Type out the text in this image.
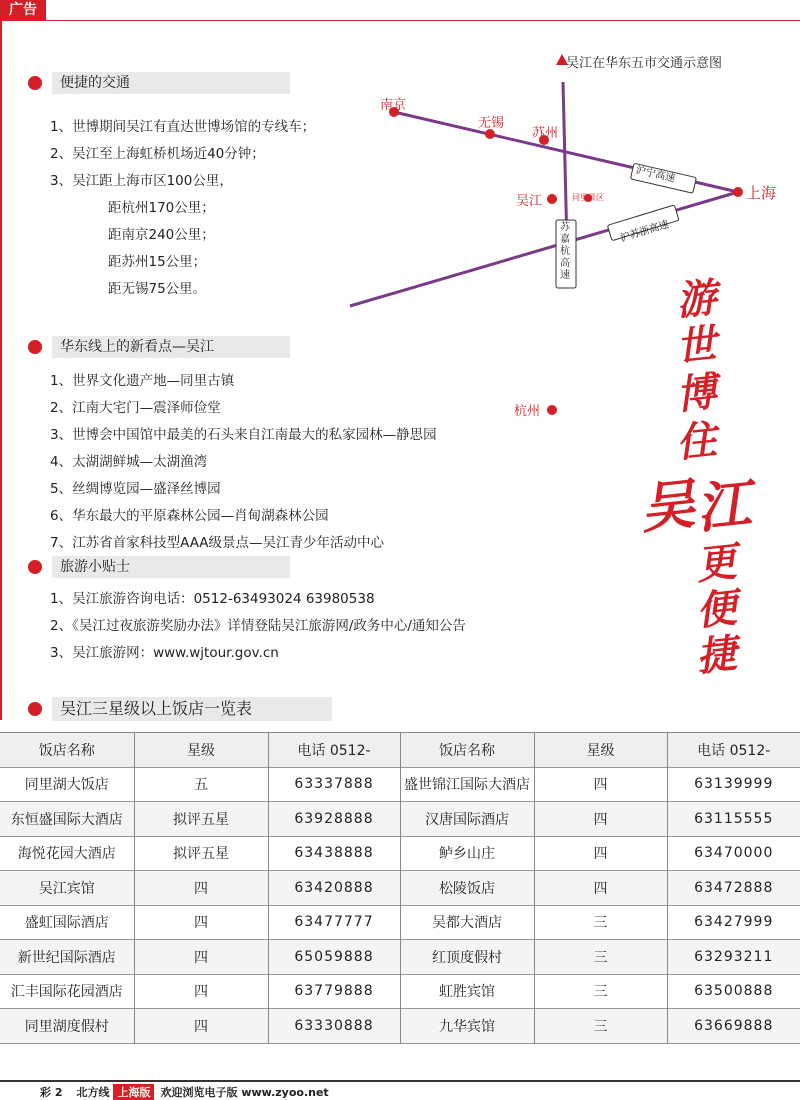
广告
便捷的交通
1、世博期间吴江有直达世博场馆的专线车；
2、吴江至上海虹桥机场近40分钟；
3、吴江距上海市区100公里，
距杭州170公里；
距南京240公里；
距苏州15公里；
距无锡75公里。
吴江在华东五市交通示意图
南京
无锡
苏州
上海
吴江	同里景区
杭州
沪宁高速
沪苏浙高速
苏嘉杭高速
华东线上的新看点—吴江
1、世界文化遗产地—同里古镇
2、江南大宅门—震泽师俭堂
3、世博会中国馆中最美的石头来自江南最大的私家园林—静思园
4、太湖湖鲜城—太湖渔湾
5、丝绸博览园—盛泽丝博园
6、华东最大的平原森林公园—肖甸湖森林公园
7、江苏省首家科技型AAA级景点—吴江青少年活动中心
旅游小贴士
1、吴江旅游咨询电话：0512-63493024 63980538
2、《吴江过夜旅游奖励办法》详情登陆吴江旅游网/政务中心/通知公告
3、吴江旅游网：www.wjtour.gov.cn
游
世
博
住
吴
江
更
便
捷
吴江三星级以上饭店一览表
饭店名称	星级	电话 0512-	饭店名称	星级	电话 0512-
同里湖大饭店	五	63337888	盛世锦江国际大酒店	四	63139999
东恒盛国际大酒店	拟评五星	63928888	汉唐国际酒店	四	63115555
海悦花园大酒店	拟评五星	63438888	鲈乡山庄	四	63470000
吴江宾馆	四	63420888	松陵饭店	四	63472888
盛虹国际酒店	四	63477777	吴都大酒店	三	63427999
新世纪国际酒店	四	65059888	红顶度假村	三	63293211
汇丰国际花园酒店	四	63779888	虹胜宾馆	三	63500888
同里湖度假村	四	63330888	九华宾馆	三	63669888
彩 2 北方线 上海版 欢迎浏览电子版 www.zyoo.net
